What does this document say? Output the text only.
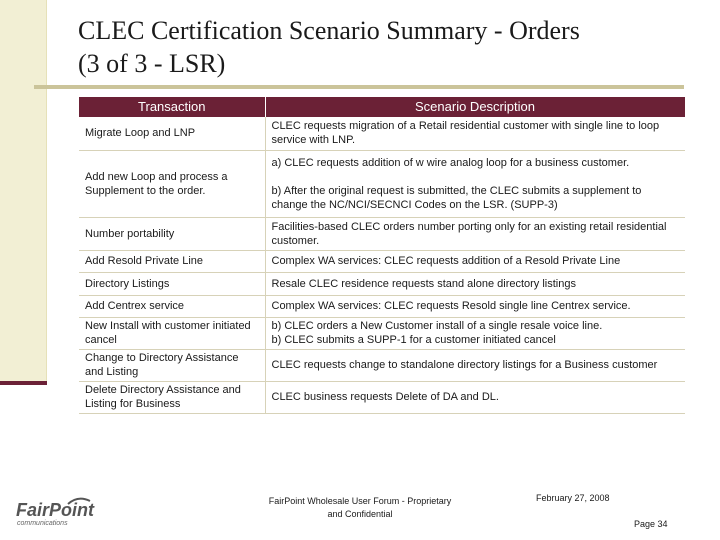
CLEC Certification Scenario Summary - Orders
(3 of 3 - LSR)
Transaction	Scenario Description
Migrate Loop and LNP	CLEC requests migration of a Retail residential customer with single line to loop service with LNP.
Add new Loop and process a Supplement to the order.	a) CLEC requests addition of w wire analog loop for a business customer.
b) After the original request is submitted, the CLEC submits a supplement to change the NC/NCI/SECNCI Codes on the LSR. (SUPP-3)

Number portability	Facilities-based CLEC orders number porting only for an existing retail residential customer.
Add Resold Private Line	Complex WA services: CLEC requests addition of a Resold Private Line
Directory Listings	Resale CLEC residence requests stand alone directory listings
Add Centrex service	Complex WA services: CLEC requests Resold single line Centrex service.
New Install with customer initiated cancel	b) CLEC orders a New Customer install of a single resale voice line.
b) CLEC submits a SUPP-1 for a customer initiated cancel

Change to Directory Assistance and Listing	CLEC requests change to standalone directory listings for a Business customer
Delete Directory Assistance and Listing for Business	CLEC business requests Delete of DA and DL.
FairPoint
communications
FairPoint Wholesale User Forum - Proprietary
and Confidential
February 27, 2008
Page 34
